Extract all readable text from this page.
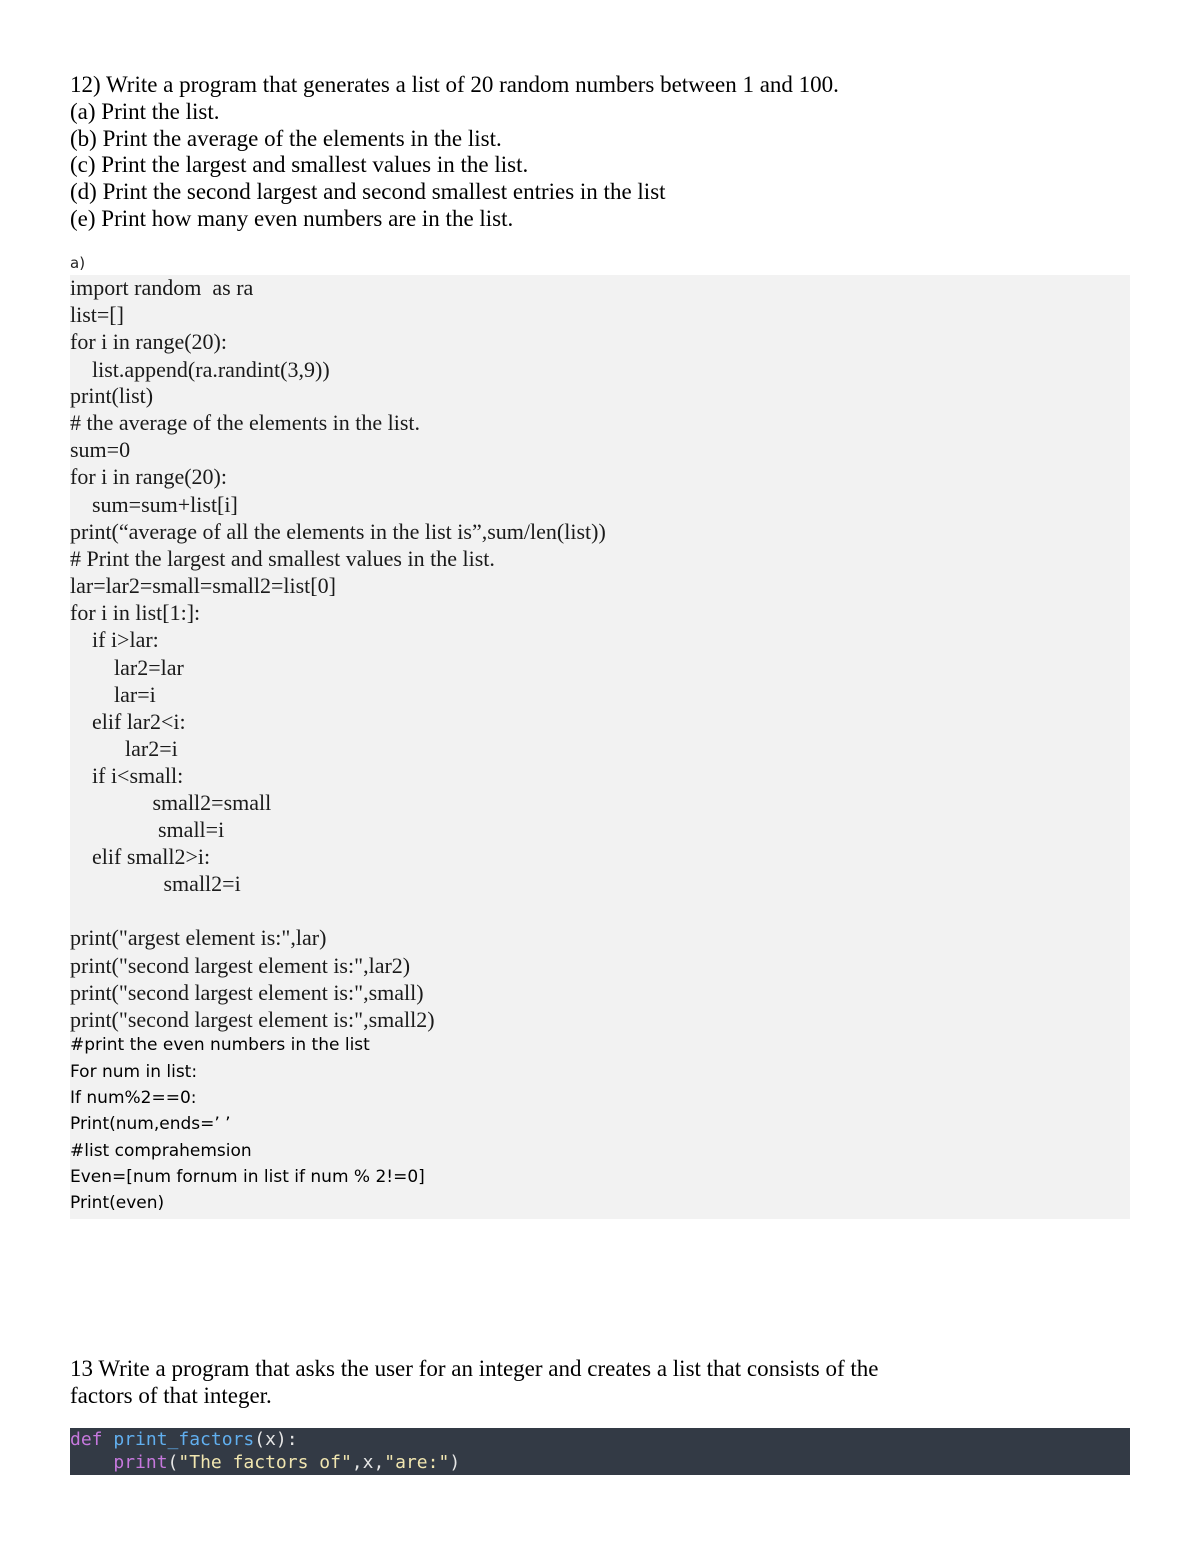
12) Write a program that generates a list of 20 random numbers between 1 and 100.
(a) Print the list.
(b) Print the average of the elements in the list.
(c) Print the largest and smallest values in the list.
(d) Print the second largest and second smallest entries in the list
(e) Print how many even numbers are in the list.
a)
import random  as ra
list=[]
for i in range(20):
list.append(ra.randint(3,9))
print(list)
# the average of the elements in the list.
sum=0
for i in range(20):
sum=sum+list[i]
print(“average of all the elements in the list is”,sum/len(list))
# Print the largest and smallest values in the list.
lar=lar2=small=small2=list[0]
for i in list[1:]:
if i>lar:
lar2=lar
lar=i
elif lar2<i:
lar2=i
if i<small:
small2=small
small=i
elif small2>i:
small2=i
print("argest element is:",lar)
print("second largest element is:",lar2)
print("second largest element is:",small)
print("second largest element is:",small2)
#print the even numbers in the list
For num in list:
If num%2==0:
Print(num,ends=’ ’
#list comprahemsion
Even=[num fornum in list if num % 2!=0]
Print(even)
13 Write a program that asks the user for an integer and creates a list that consists of the
factors of that integer.
def print_factors(x):
print("The factors of",x,"are:")
